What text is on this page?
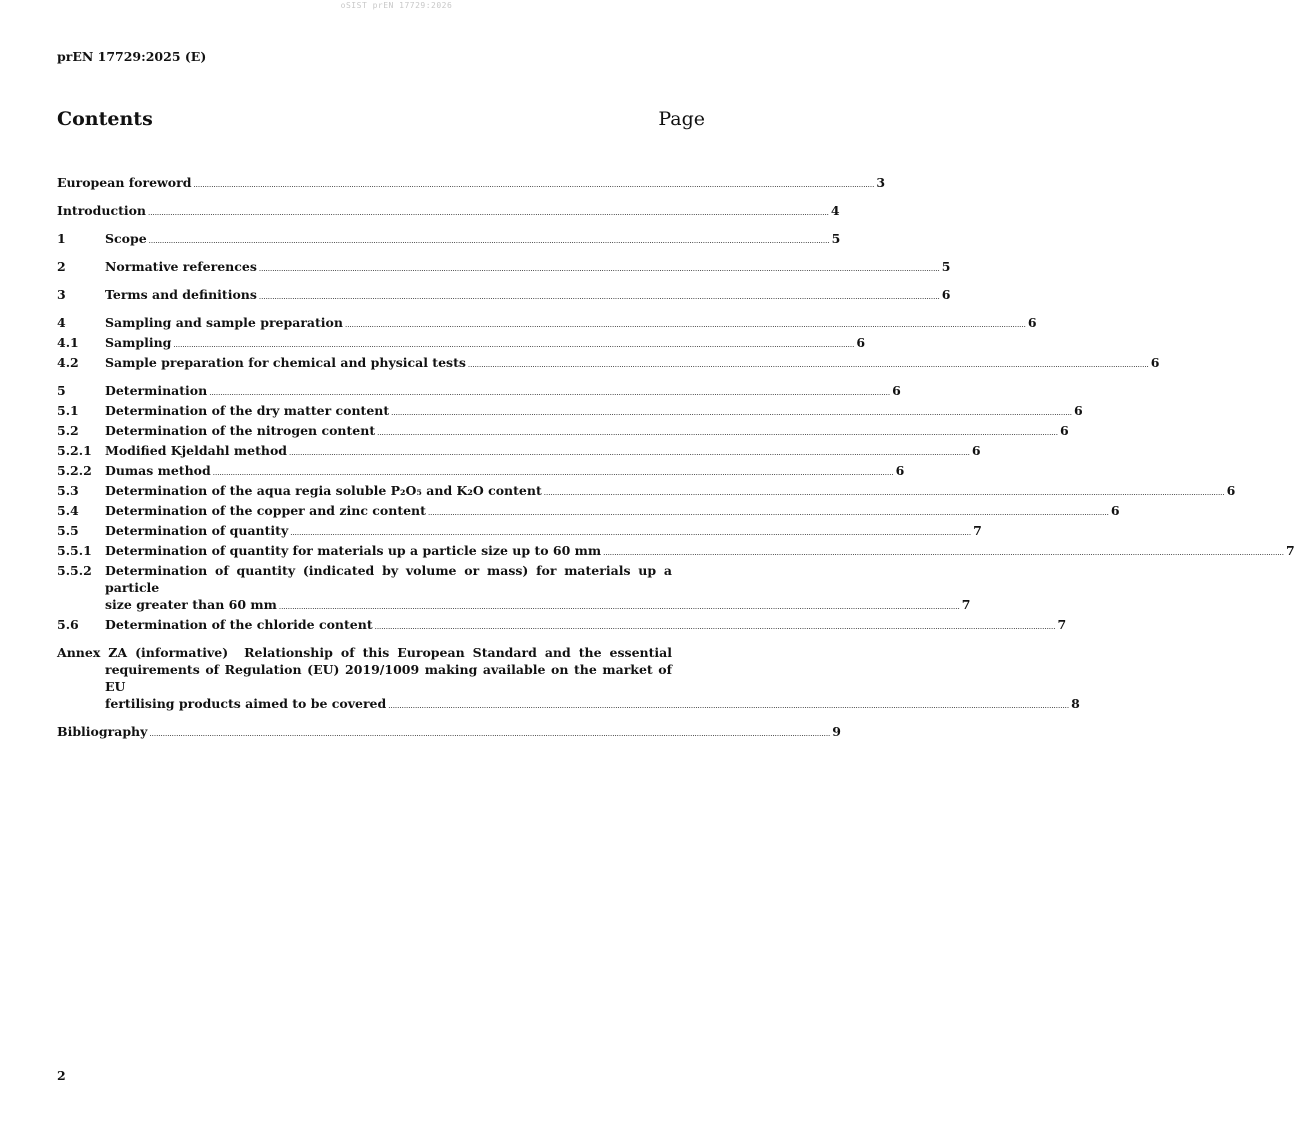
oSIST prEN 17729:2026
prEN 17729:2025 (E)
Contents	Page
European foreword .................................................................................................................................................................................................................................................................................................................. 3
Introduction .................................................................................................................................................................................................................................................................................................................. 4
1	Scope .................................................................................................................................................................................................................................................................................................................. 5
2	Normative references .................................................................................................................................................................................................................................................................................................................. 5
3	Terms and definitions .................................................................................................................................................................................................................................................................................................................. 6
4	Sampling and sample preparation .................................................................................................................................................................................................................................................................................................................. 6
4.1	Sampling .................................................................................................................................................................................................................................................................................................................. 6
4.2	Sample preparation for chemical and physical tests .................................................................................................................................................................................................................................................................................................................. 6
5	Determination .................................................................................................................................................................................................................................................................................................................. 6
5.1	Determination of the dry matter content .................................................................................................................................................................................................................................................................................................................. 6
5.2	Determination of the nitrogen content .................................................................................................................................................................................................................................................................................................................. 6
5.2.1	Modified Kjeldahl method .................................................................................................................................................................................................................................................................................................................. 6
5.2.2	Dumas method .................................................................................................................................................................................................................................................................................................................. 6
5.3	Determination of the aqua regia soluble P₂O₅ and K₂O content .................................................................................................................................................................................................................................................................................................................. 6
5.4	Determination of the copper and zinc content .................................................................................................................................................................................................................................................................................................................. 6
5.5	Determination of quantity .................................................................................................................................................................................................................................................................................................................. 7
5.5.1	Determination of quantity for materials up a particle size up to 60 mm .................................................................................................................................................................................................................................................................................................................. 7
5.5.2	Determination of quantity (indicated by volume or mass) for materials up a particle
size greater than 60 mm .................................................................................................................................................................................................................................................................................................................. 7
5.6	Determination of the chloride content .................................................................................................................................................................................................................................................................................................................. 7
Annex ZA (informative)  Relationship of this European Standard and the essential
requirements of Regulation (EU) 2019/1009 making available on the market of EU
fertilising products aimed to be covered .................................................................................................................................................................................................................................................................................................................. 8
Bibliography .................................................................................................................................................................................................................................................................................................................. 9
2
